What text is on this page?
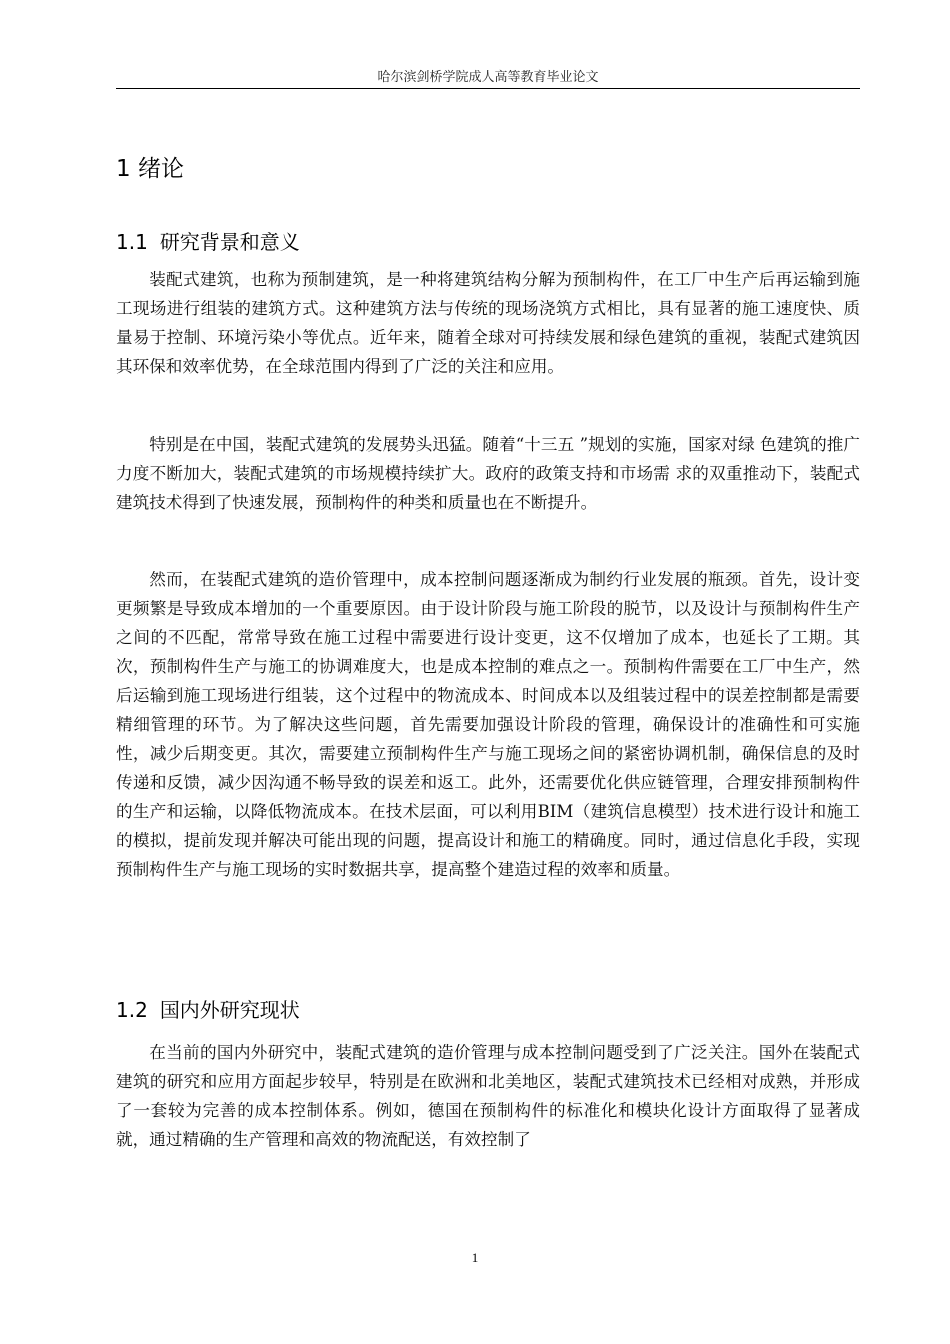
哈尔滨剑桥学院成人高等教育毕业论文
1 绪论
1.1 研究背景和意义

装配式建筑，也称为预制建筑，是一种将建筑结构分解为预制构件，在工厂中生产后再运输到施工现场进行组装的建筑方式。这种建筑方法与传统的现场浇筑方式相比，具有显著的施工速度快、质量易于控制、环境污染小等优点。近年来，随着全球对可持续发展和绿色建筑的重视，装配式建筑因其环保和效率优势，在全球范围内得到了广泛的关注和应用。

特别是在中国，装配式建筑的发展势头迅猛。随着“十三五 ”规划的实施，国家对绿 色建筑的推广力度不断加大，装配式建筑的市场规模持续扩大。政府的政策支持和市场需 求的双重推动下，装配式建筑技术得到了快速发展，预制构件的种类和质量也在不断提升。

然而，在装配式建筑的造价管理中，成本控制问题逐渐成为制约行业发展的瓶颈。首先，设计变更频繁是导致成本增加的一个重要原因。由于设计阶段与施工阶段的脱节，以及设计与预制构件生产之间的不匹配，常常导致在施工过程中需要进行设计变更，这不仅增加了成本，也延长了工期。其次，预制构件生产与施工的协调难度大，也是成本控制的难点之一。预制构件需要在工厂中生产，然后运输到施工现场进行组装，这个过程中的物流成本、时间成本以及组装过程中的误差控制都是需要精细管理的环节。为了解决这些问题，首先需要加强设计阶段的管理，确保设计的准确性和可实施性，减少后期变更。其次，需要建立预制构件生产与施工现场之间的紧密协调机制，确保信息的及时传递和反馈，减少因沟通不畅导致的误差和返工。此外，还需要优化供应链管理，合理安排预制构件的生产和运输，以降低物流成本。在技术层面，可以利用BIM（建筑信息模型）技术进行设计和施工的模拟，提前发现并解决可能出现的问题，提高设计和施工的精确度。同时，通过信息化手段，实现预制构件生产与施工现场的实时数据共享，提高整个建造过程的效率和质量。

1.2 国内外研究现状

在当前的国内外研究中，装配式建筑的造价管理与成本控制问题受到了广泛关注。国外在装配式建筑的研究和应用方面起步较早，特别是在欧洲和北美地区，装配式建筑技术已经相对成熟，并形成了一套较为完善的成本控制体系。例如，德国在预制构件的标准化和模块化设计方面取得了显著成就，通过精确的生产管理和高效的物流配送，有效控制了

1
